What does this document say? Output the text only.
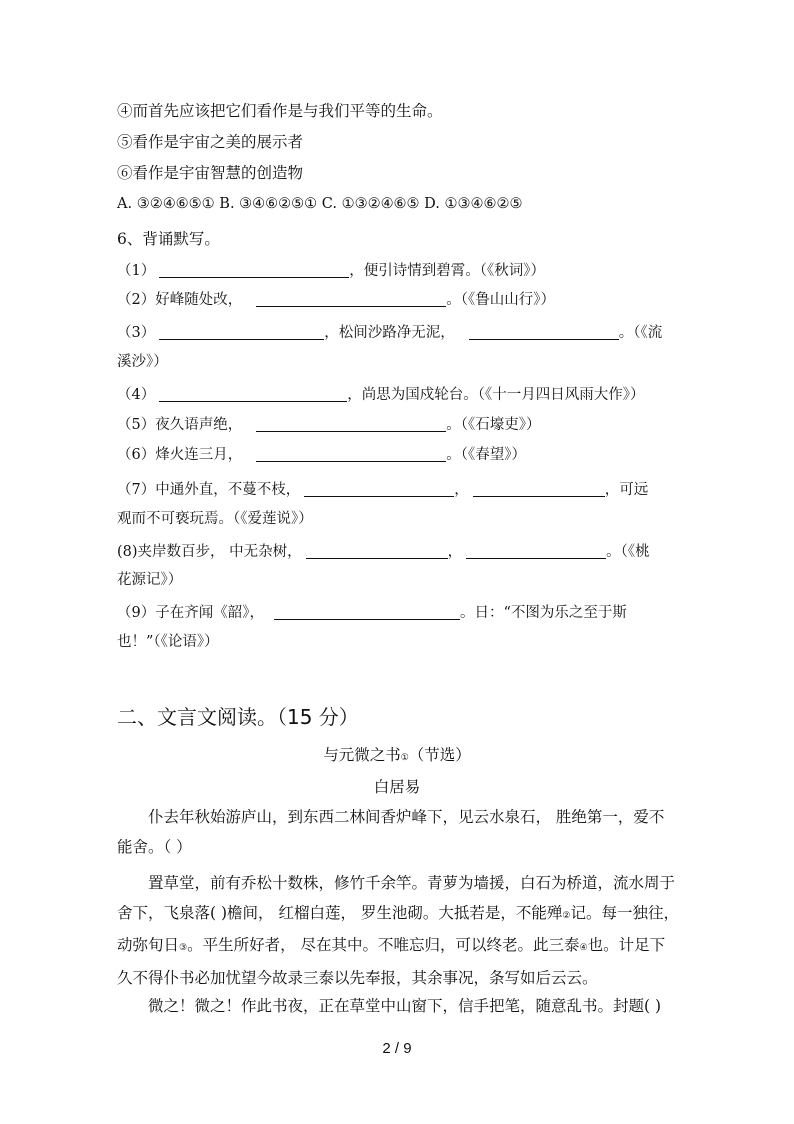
④而首先应该把它们看作是与我们平等的生命。
⑤看作是宇宙之美的展示者
⑥看作是宇宙智慧的创造物
A. ③②④⑥⑤① B. ③④⑥②⑤① C. ①③②④⑥⑤ D. ①③④⑥②⑤
6、背诵默写。
（1）	，便引诗情到碧霄。（《秋词》）
（2）好峰随处改，	。（《鲁山山行》）
（3）	，松间沙路净无泥，	。（《流
溪沙》）
（4）	，尚思为国戍轮台。（《十一月四日风雨大作》）
（5）夜久语声绝，	。（《石壕吏》）
（6）烽火连三月，	。（《春望》）
（7）中通外直，不蔓不枝，	，	，可远
观而不可亵玩焉。（《爱莲说》）
(8)夹岸数百步， 中无杂树，	，	。（《桃
花源记》）
（9）子在齐闻《韶》，	。日：“不图为乐之至于斯
也！”（《论语》）
二、文言文阅读。（15 分）
与元微之书①（节选）
白居易
仆去年秋始游庐山，到东西二林间香炉峰下，见云水泉石， 胜绝第一，爱不能舍。（ ）
置草堂，前有乔松十数株，修竹千余竿。青萝为墙援，白石为桥道，流水周于舍下，飞泉落( )檐间， 红榴白莲， 罗生池砌。大抵若是，不能殚②记。每一独往，动弥旬日③。平生所好者， 尽在其中。不唯忘归，可以终老。此三泰④也。计足下久不得仆书必加忧望今故录三泰以先奉报，其余事况，条写如后云云。
微之！微之！作此书夜，正在草堂中山窗下，信手把笔，随意乱书。封题( )
2 / 9
